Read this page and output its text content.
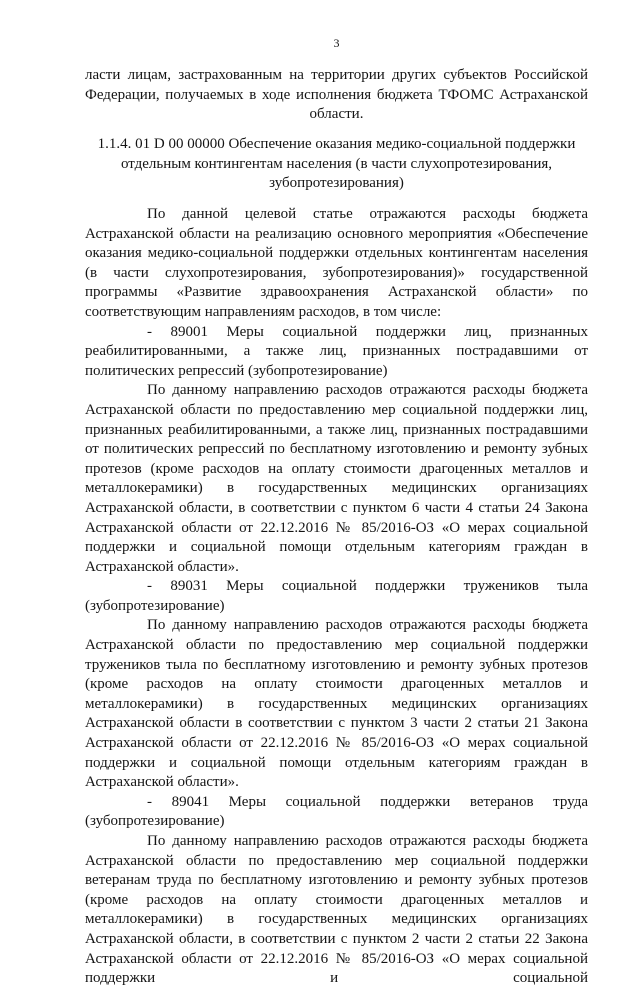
3

ласти лицам, застрахованным на территории других субъектов Российской Федерации, получаемых в ходе исполнения бюджета ТФОМС Астраханской области.

1.1.4. 01 D 00 00000 Обеспечение оказания медико-социальной поддержки отдельным контингентам населения (в части слухопротезирования, зубопротезирования)

По данной целевой статье отражаются расходы бюджета Астраханской области на реализацию основного мероприятия «Обеспечение оказания медико-социальной поддержки отдельных контингентам населения (в части слухопротезирования, зубопротезирования)» государственной программы «Развитие здравоохранения Астраханской области» по соответствующим направлениям расходов, в том числе:

- 89001 Меры социальной поддержки лиц, признанных реабилитированными, а также лиц, признанных пострадавшими от политических репрессий (зубопротезирование)

По данному направлению расходов отражаются расходы бюджета Астраханской области по предоставлению мер социальной поддержки лиц, признанных реабилитированными, а также лиц, признанных пострадавшими от политических репрессий по бесплатному изготовлению и ремонту зубных протезов (кроме расходов на оплату стоимости драгоценных металлов и металлокерамики) в государственных медицинских организациях Астраханской области, в соответствии с пунктом 6 части 4 статьи 24 Закона Астраханской области от 22.12.2016 № 85/2016-ОЗ «О мерах социальной поддержки и социальной помощи отдельным категориям граждан в Астраханской области».

- 89031 Меры социальной поддержки тружеников тыла (зубопротезирование)

По данному направлению расходов отражаются расходы бюджета Астраханской области по предоставлению мер социальной поддержки тружеников тыла по бесплатному изготовлению и ремонту зубных протезов (кроме расходов на оплату стоимости драгоценных металлов и металлокерамики) в государственных медицинских организациях Астраханской области в соответствии с пунктом 3 части 2 статьи 21 Закона Астраханской области от 22.12.2016 № 85/2016-ОЗ «О мерах социальной поддержки и социальной помощи отдельным категориям граждан в Астраханской области».

- 89041 Меры социальной поддержки ветеранов труда (зубопротезирование)

По данному направлению расходов отражаются расходы бюджета Астраханской области по предоставлению мер социальной поддержки ветеранам труда по бесплатному изготовлению и ремонту зубных протезов (кроме расходов на оплату стоимости драгоценных металлов и металлокерамики) в государственных медицинских организациях Астраханской области, в соответствии с пунктом 2 части 2 статьи 22 Закона Астраханской области от 22.12.2016 № 85/2016-ОЗ «О мерах социальной поддержки и социальной
